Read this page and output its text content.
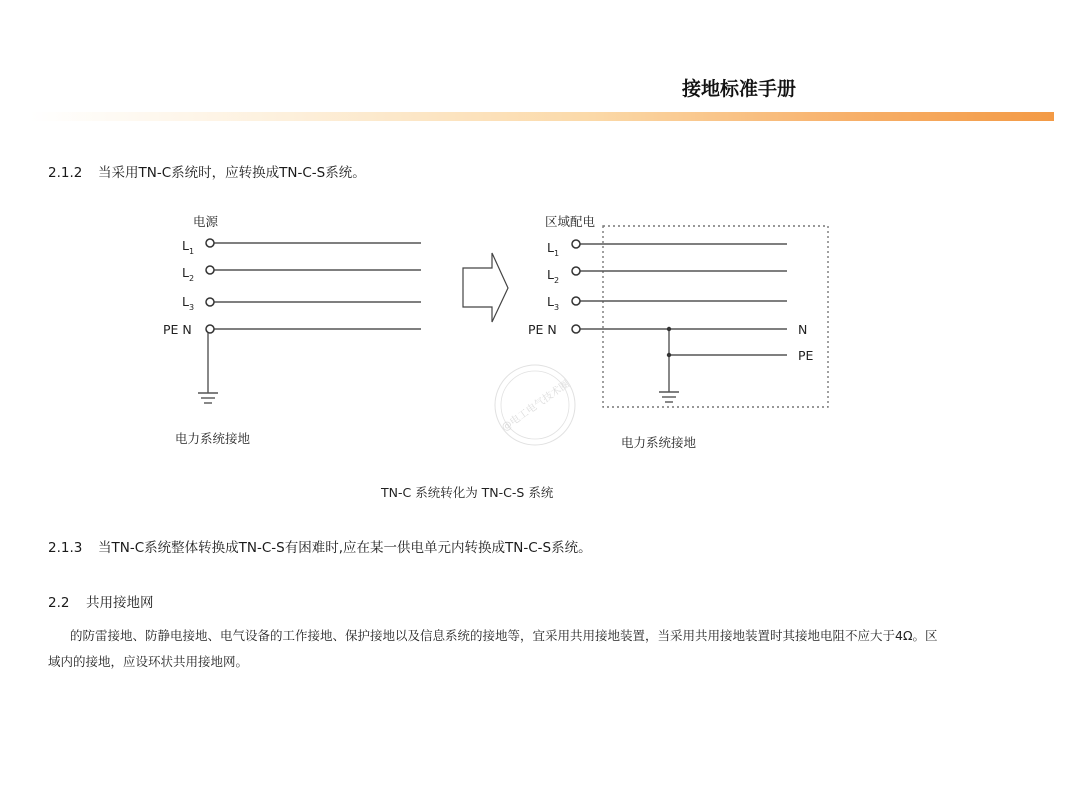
接地标准手册
2.1.2 当采用TN-C系统时，应转换成TN-C-S系统。
电源
$L_1$
$L_2$
$L_3$
PE N
电力系统接地
区域配电
$L_1$
$L_2$
$L_3$
PE N	N
PE
电力系统接地
@电工电气技术圈
TN-C 系统转化为 TN-C-S 系统
2.1.3 当TN-C系统整体转换成TN-C-S有困难时,应在某一供电单元内转换成TN-C-S系统。
2.2 共用接地网
的防雷接地、防静电接地、电气设备的工作接地、保护接地以及信息系统的接地等，宜采用共用接地装置，当采用共用接地装置时其接地电阻不应大于4Ω。区
域内的接地，应设环状共用接地网。
